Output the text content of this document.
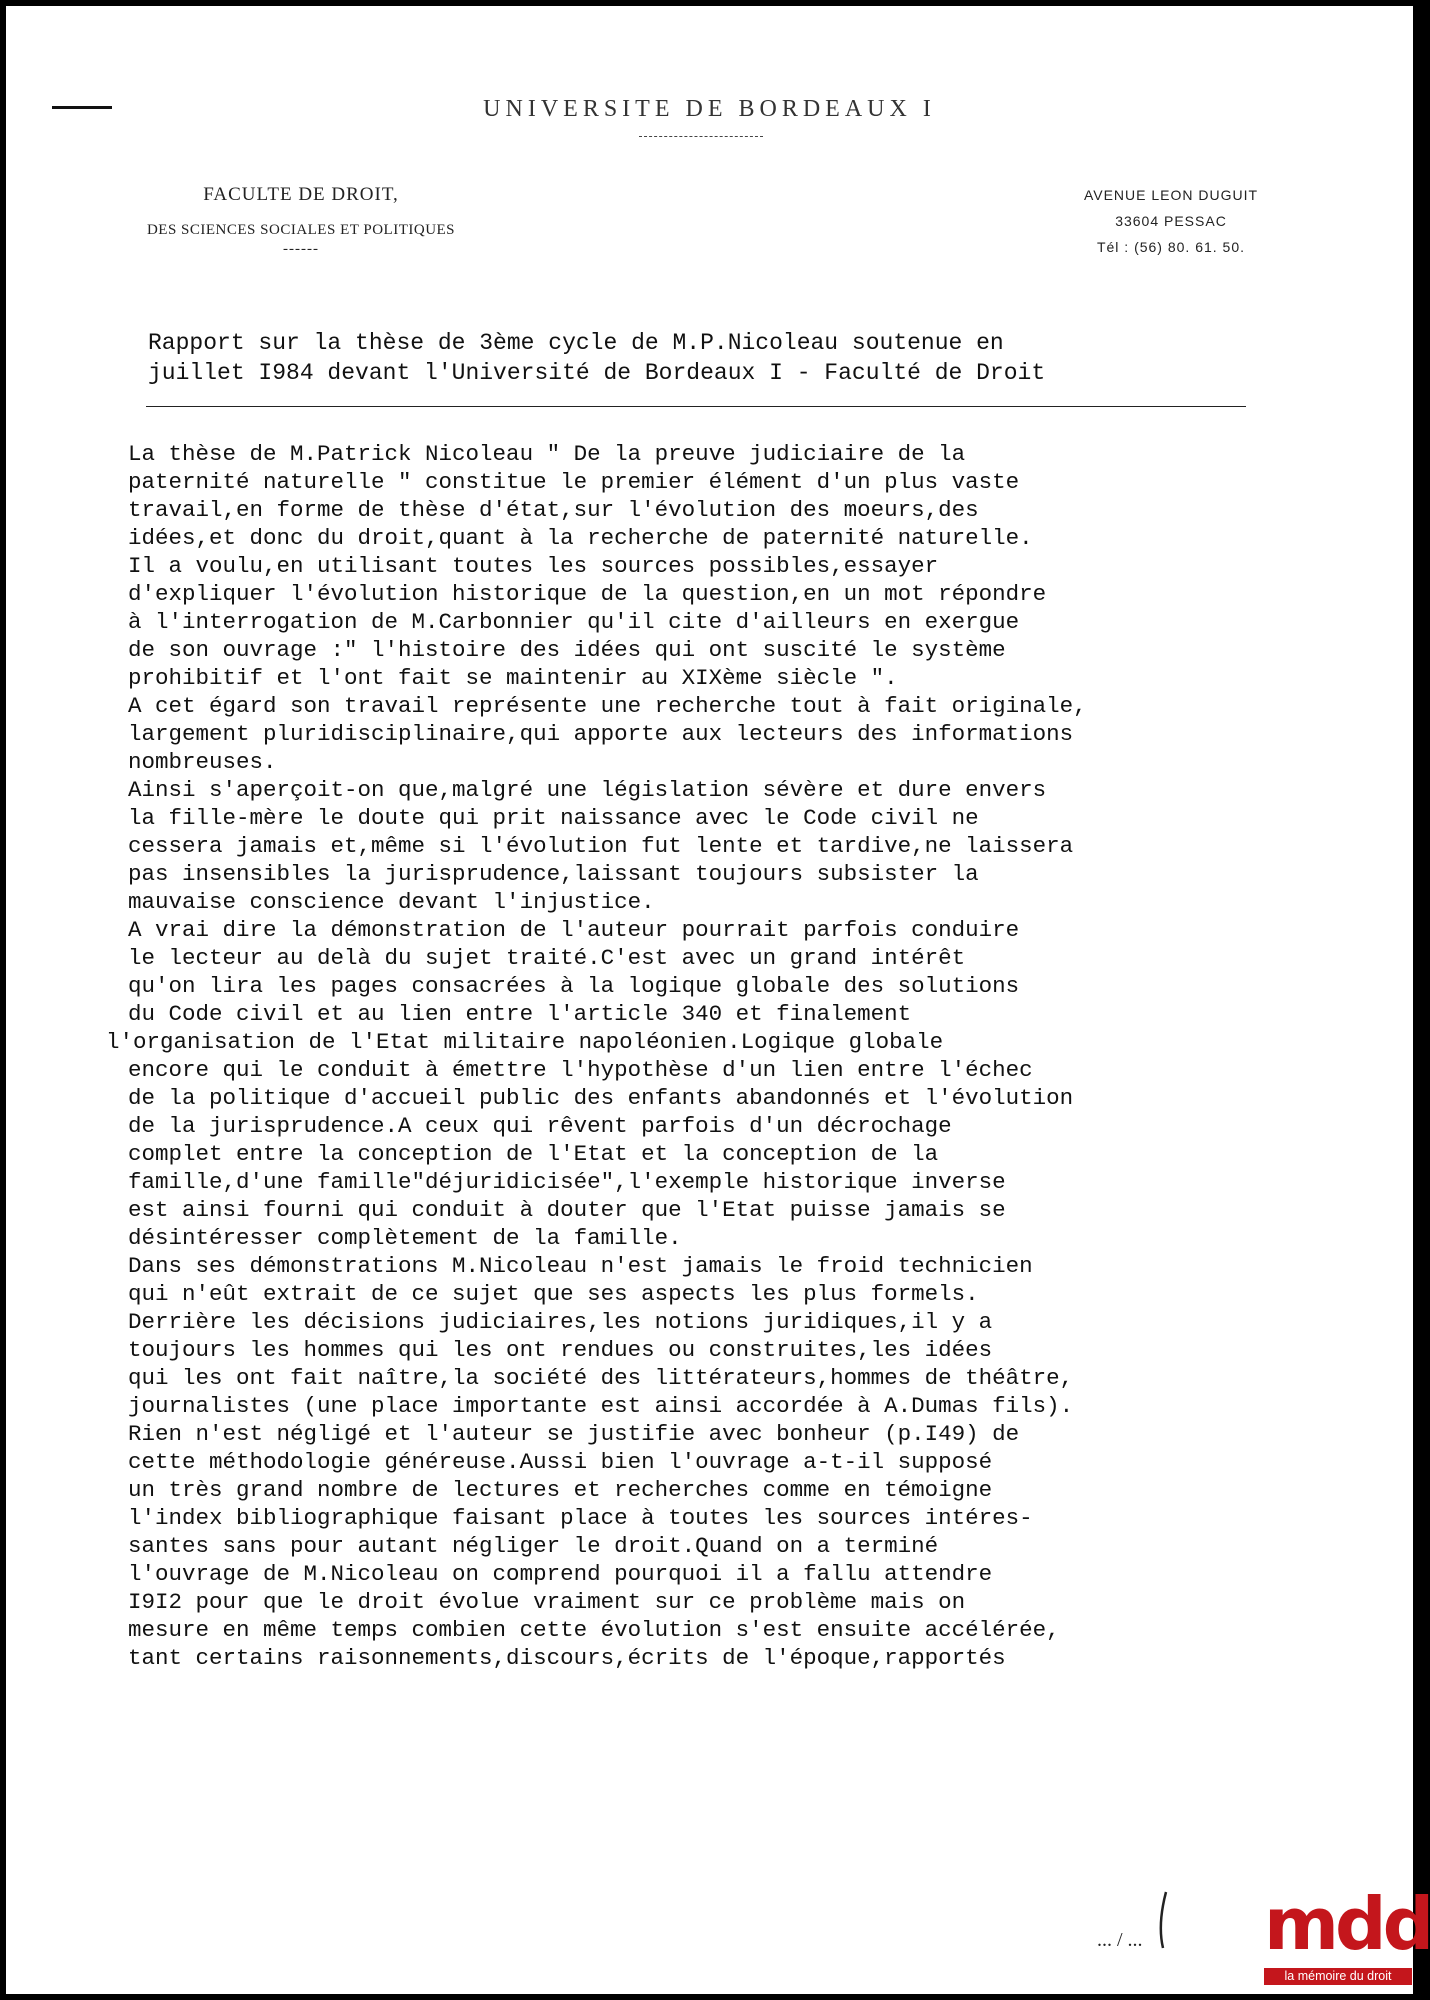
UNIVERSITE DE BORDEAUX I
FACULTE DE DROIT,
DES SCIENCES SOCIALES ET POLITIQUES
------
AVENUE LEON DUGUIT
33604 PESSAC
Tél : (56) 80. 61. 50.
Rapport sur la thèse de 3ème cycle de M.P.Nicoleau soutenue en
juillet I984 devant l'Université de Bordeaux I - Faculté de Droit
La thèse de M.Patrick Nicoleau " De la preuve judiciaire de la
paternité naturelle " constitue le premier élément d'un plus vaste
travail,en forme de thèse d'état,sur l'évolution des moeurs,des
idées,et donc du droit,quant à la recherche de paternité naturelle.
Il a voulu,en utilisant toutes les sources possibles,essayer
d'expliquer l'évolution historique de la question,en un mot répondre
à l'interrogation de M.Carbonnier qu'il cite d'ailleurs en exergue
de son ouvrage :" l'histoire des idées qui ont suscité le système
prohibitif et l'ont fait se maintenir au XIXème siècle ".
A cet égard son travail représente une recherche tout à fait originale,
largement pluridisciplinaire,qui apporte aux lecteurs des informations
nombreuses.
Ainsi s'aperçoit-on que,malgré une législation sévère et dure envers
la fille-mère le doute qui prit naissance avec le Code civil ne
cessera jamais et,même si l'évolution fut lente et tardive,ne laissera
pas insensibles la jurisprudence,laissant toujours subsister la
mauvaise conscience devant l'injustice.
A vrai dire la démonstration de l'auteur pourrait parfois conduire
le lecteur au delà du sujet traité.C'est avec un grand intérêt
qu'on lira les pages consacrées à la logique globale des solutions
du Code civil et au lien entre l'article 340 et finalement
l'organisation de l'Etat militaire napoléonien.Logique globale
encore qui le conduit à émettre l'hypothèse d'un lien entre l'échec
de la politique d'accueil public des enfants abandonnés et l'évolution
de la jurisprudence.A ceux qui rêvent parfois d'un décrochage
complet entre la conception de l'Etat et la conception de la
famille,d'une famille"déjuridicisée",l'exemple historique inverse
est ainsi fourni qui conduit à douter que l'Etat puisse jamais se
désintéresser complètement de la famille.
Dans ses démonstrations M.Nicoleau n'est jamais le froid technicien
qui n'eût extrait de ce sujet que ses aspects les plus formels.
Derrière les décisions judiciaires,les notions juridiques,il y a
toujours les hommes qui les ont rendues ou construites,les idées
qui les ont fait naître,la société des littérateurs,hommes de théâtre,
journalistes (une place importante est ainsi accordée à A.Dumas fils).
Rien n'est négligé et l'auteur se justifie avec bonheur (p.I49) de
cette méthodologie généreuse.Aussi bien l'ouvrage a-t-il supposé
un très grand nombre de lectures et recherches comme en témoigne
l'index bibliographique faisant place à toutes les sources intéres-
santes sans pour autant négliger le droit.Quand on a terminé
l'ouvrage de M.Nicoleau on comprend pourquoi il a fallu attendre
I9I2 pour que le droit évolue vraiment sur ce problème mais on
mesure en même temps combien cette évolution s'est ensuite accélérée,
tant certains raisonnements,discours,écrits de l'époque,rapportés
... / ... mdd
la mémoire du droit
